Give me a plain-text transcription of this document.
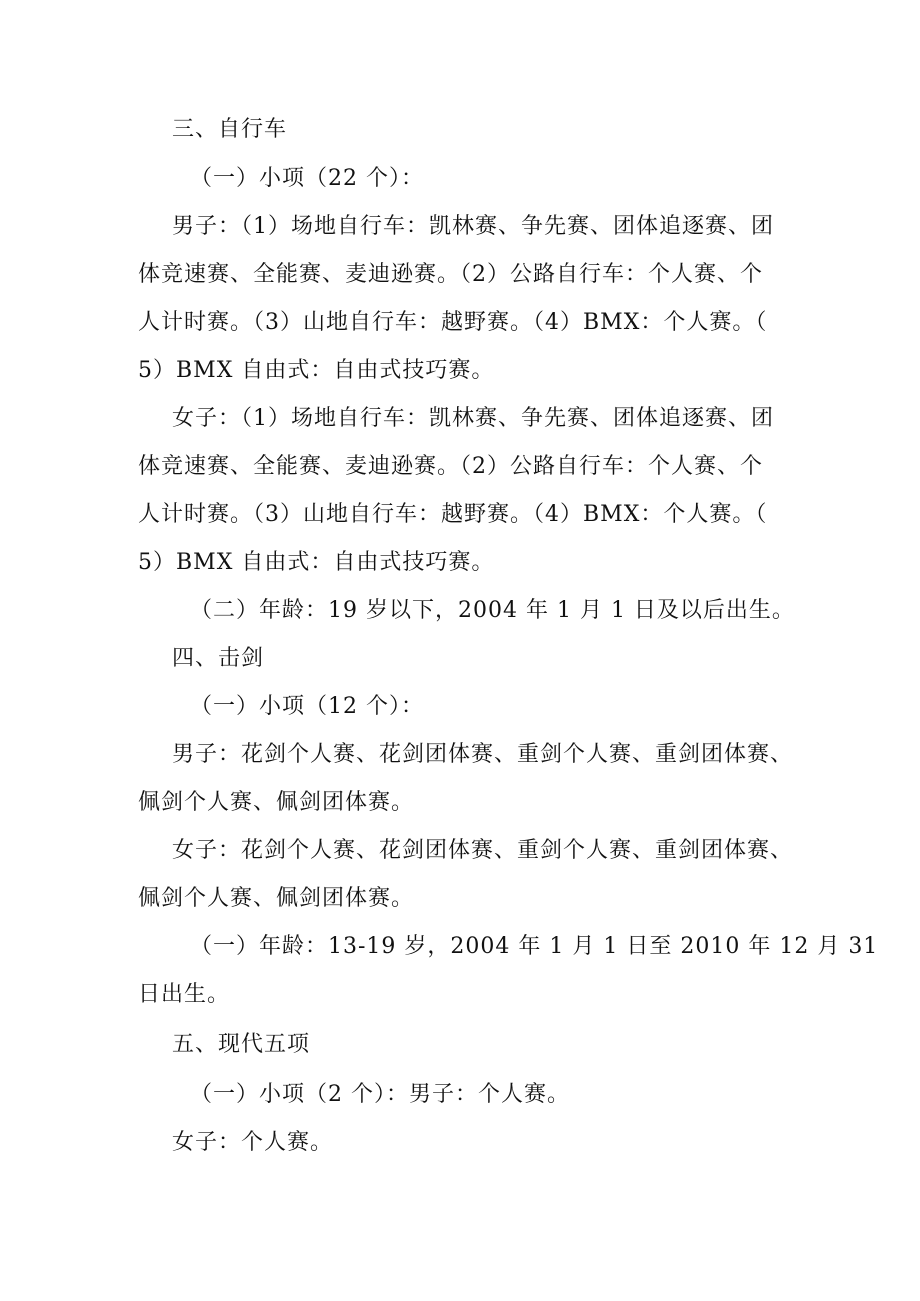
三、自行车
（一）小项（22 个）：
男子：（1）场地自行车：凯林赛、争先赛、团体追逐赛、团
体竞速赛、全能赛、麦迪逊赛。（2）公路自行车：个人赛、个
人计时赛。（3）山地自行车：越野赛。（4）BMX：个人赛。（
5）BMX 自由式：自由式技巧赛。
女子：（1）场地自行车：凯林赛、争先赛、团体追逐赛、团
体竞速赛、全能赛、麦迪逊赛。（2）公路自行车：个人赛、个
人计时赛。（3）山地自行车：越野赛。（4）BMX：个人赛。（
5）BMX 自由式：自由式技巧赛。
（二）年龄：19 岁以下，2004 年 1 月 1 日及以后出生。
四、击剑
（一）小项（12 个）：
男子：花剑个人赛、花剑团体赛、重剑个人赛、重剑团体赛、
佩剑个人赛、佩剑团体赛。
女子：花剑个人赛、花剑团体赛、重剑个人赛、重剑团体赛、
佩剑个人赛、佩剑团体赛。
（一）年龄：13-19 岁，2004 年 1 月 1 日至 2010 年 12 月 31
日出生。
五、现代五项
（一）小项（2 个）：男子：个人赛。
女子：个人赛。
